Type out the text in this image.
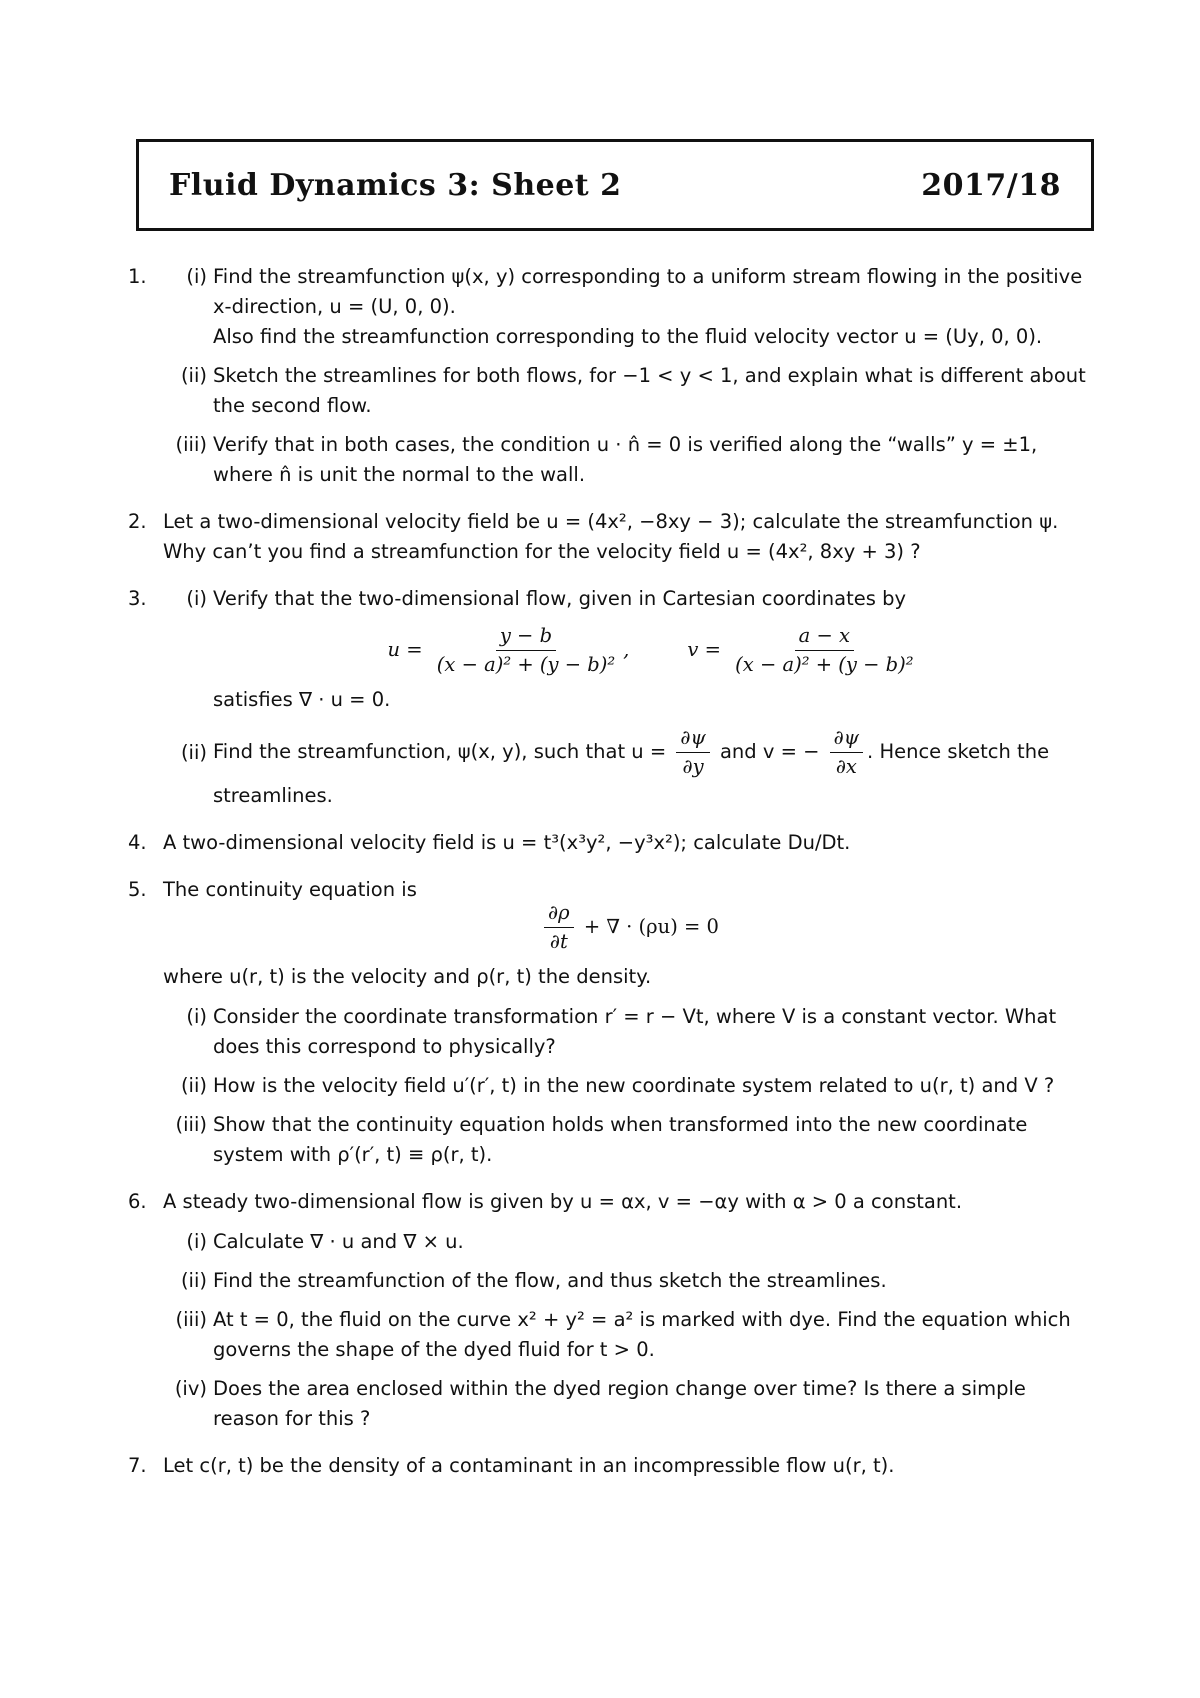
Fluid Dynamics 3: Sheet 2	2017/18
1.	(i) Find the streamfunction ψ(x, y) corresponding to a uniform stream flowing in the positive x-direction, u = (U, 0, 0).

Also find the streamfunction corresponding to the fluid velocity vector u = (Uy, 0, 0).

(ii) Sketch the streamlines for both flows, for −1 < y < 1, and explain what is different about the second flow.

(iii) Verify that in both cases, the condition u · n̂ = 0 is verified along the “walls” y = ±1, where n̂ is unit the normal to the wall.

2. Let a two-dimensional velocity field be u = (4x², −8xy − 3); calculate the streamfunction ψ. Why can’t you find a streamfunction for the velocity field u = (4x², 8xy + 3) ?

3.	(i) Verify that the two-dimensional flow, given in Cartesian coordinates by

$u = \frac{y - b}{\text{(x − a)² + (y − b)²}}$ ,	$v = \frac{a - x}{\text{(x − a)² + (y − b)²}}$

satisfies ∇ · u = 0.

(ii) Find the streamfunction, ψ(x, y), such that $u = \frac{\partial\psi}{\partial y}$ and v = − $\frac{\partial\psi}{\partial x}$ . Hence sketch the

streamlines.

4. A two-dimensional velocity field is u = t³(x³y², −y³x²); calculate Du/Dt.

5. The continuity equation is

$\frac{\partial\rho}{\partial t}$ + ∇ · (ρu) = 0

where u(r, t) is the velocity and ρ(r, t) the density.

(i) Consider the coordinate transformation r′ = r − Vt, where V is a constant vector. What does this correspond to physically?

(ii) How is the velocity field u′(r′, t) in the new coordinate system related to u(r, t) and V ?

(iii) Show that the continuity equation holds when transformed into the new coordinate system with ρ′(r′, t) ≡ ρ(r, t).

6. A steady two-dimensional flow is given by u = αx, v = −αy with α > 0 a constant.

(i) Calculate ∇ · u and ∇ × u.

(ii) Find the streamfunction of the flow, and thus sketch the streamlines.

(iii) At t = 0, the fluid on the curve x² + y² = a² is marked with dye. Find the equation which governs the shape of the dyed fluid for t > 0.

(iv) Does the area enclosed within the dyed region change over time? Is there a simple reason for this ?

7. Let c(r, t) be the density of a contaminant in an incompressible flow u(r, t).
